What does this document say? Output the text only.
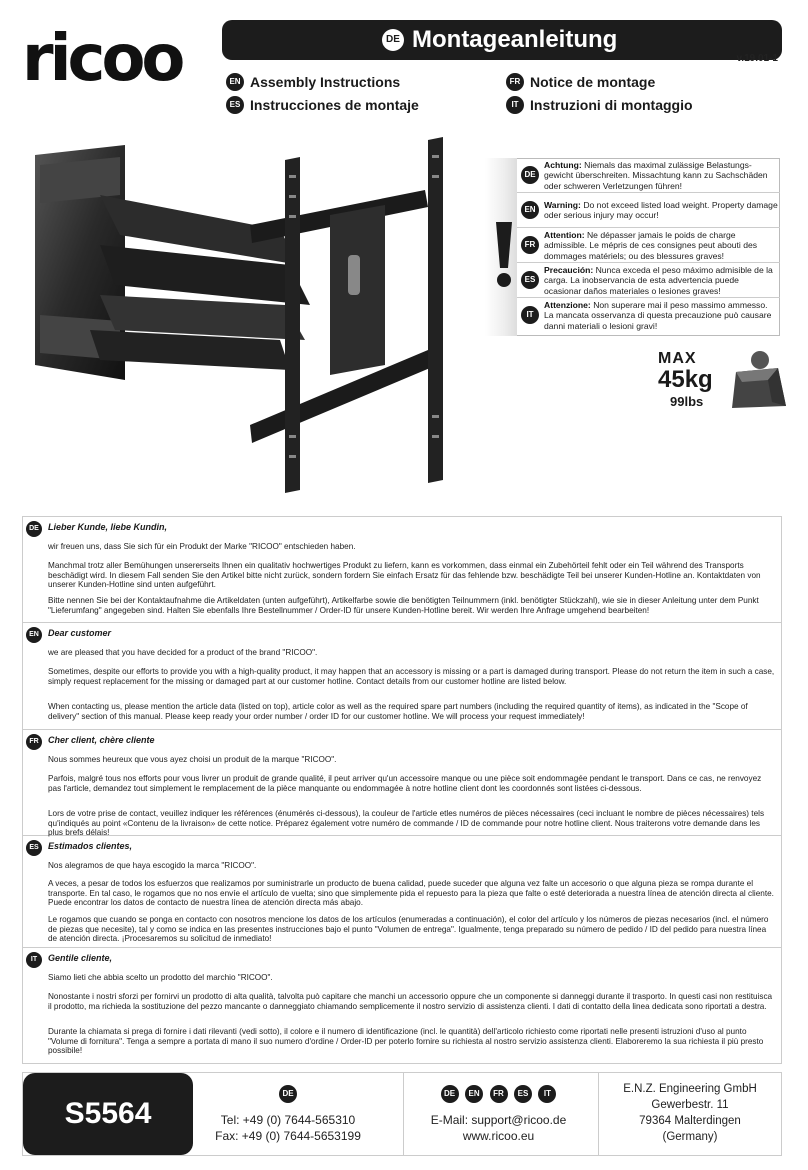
ricoo	DE Montageanleitung
v.19.01-1
EN Assembly Instructions	FR Notice de montage
ES Instrucciones de montaje	IT Instruzioni di montaggio
DE
Achtung: Niemals das maximal zulässige Belastungs-gewicht überschreiten. Missachtung kann zu Sachschäden oder schweren Verletzungen führen!
EN Warning: Do not exceed listed load weight. Property damage oder serious injury may occur!
FR
Attention: Ne dépasser jamais le poids de charge admissible. Le mépris de ces consignes peut abouti des dommages matériels; ou des blessures graves!
ES
Precaución: Nunca exceda el peso máximo admisible de la carga. La inobservancia de esta advertencia puede ocasionar daños materiales o lesiones graves!
IT
Attenzione: Non superare mai il peso massimo ammesso. La mancata osservanza di questa precauzione può causare danni materiali o lesioni gravi!
MAX
45kg
99lbs
DE	Lieber Kunde, liebe Kundin,
wir freuen uns, dass Sie sich für ein Produkt der Marke "RICOO" entschieden haben.
Manchmal trotz aller Bemühungen unsererseits Ihnen ein qualitativ hochwertiges Produkt zu liefern, kann es vorkommen, dass einmal ein Zubehörteil fehlt oder ein Teil während des Transports beschädigt wird. In diesem Fall senden Sie den Artikel bitte nicht zurück, sondern fordern Sie einfach Ersatz für das fehlende bzw. beschädigte Teil bei unserer Kunden-Hotline an. Kontaktdaten von unserer Kunden-Hotline sind unten aufgeführt.
Bitte nennen Sie bei der Kontaktaufnahme die Artikeldaten (unten aufgeführt), Artikelfarbe sowie die benötigten Teilnummern (inkl. benötigter Stückzahl), wie sie in dieser Anleitung unter dem Punkt "Lieferumfang" angegeben sind. Halten Sie ebenfalls Ihre Bestellnummer / Order-ID für unsere Kunden-Hotline bereit. Wir werden Ihre Anfrage umgehend bearbeiten!
EN	Dear customer
we are pleased that you have decided for a product of the brand "RICOO".
Sometimes, despite our efforts to provide you with a high-quality product, it may happen that an accessory is missing or a part is damaged during transport. Please do not return the item in such a case, simply request replacement for the missing or damaged part at our customer hotline. Contact details from our customer hotline are listed below.
When contacting us, please mention the article data (listed on top), article color as well as the required spare part numbers (including the required quantity of items), as indicated in the "Scope of delivery" section of this manual. Please keep ready your order number / order ID for our customer hotline. We will process your request immediately!
FR	Cher client, chère cliente
Nous sommes heureux que vous ayez choisi un produit de la marque "RICOO".
Parfois, malgré tous nos efforts pour vous livrer un produit de grande qualité, il peut arriver qu'un accessoire manque ou une pièce soit endommagée pendant le transport. Dans ce cas, ne renvoyez pas l'article, demandez tout simplement le remplacement de la pièce manquante ou endommagée à notre hotline client dont les coordonnés sont listées ci-dessous.
Lors de votre prise de contact, veuillez indiquer les références (énumérés ci-dessous), la couleur de l'article etles numéros de pièces nécessaires (ceci incluant le nombre de pièces nécessaires) tels qu'indiqués au point «Contenu de la livraison» de cette notice. Préparez également votre numéro de commande / ID de commande pour notre hotline client. Nous traiterons votre demande dans les plus brefs délais!
ES	Estimados clientes,
Nos alegramos de que haya escogido la marca "RICOO".
A veces, a pesar de todos los esfuerzos que realizamos por suministrarle un producto de buena calidad, puede suceder que alguna vez falte un accesorio o que alguna pieza se rompa durante el transporte. En tal caso, le rogamos que no nos envíe el artículo de vuelta; sino que simplemente pida el repuesto para la pieza que falte o esté deteriorada a nuestra línea de atención directa al cliente. Puede encontrar los datos de contacto de nuestra línea de atención directa más abajo.
Le rogamos que cuando se ponga en contacto con nosotros mencione los datos de los artículos (enumeradas a continuación), el color del artículo y los números de piezas necesarios (incl. el número de piezas que necesite), tal y como se indica en las presentes instrucciones bajo el punto "Volumen de entrega". Igualmente, tenga preparado su número de pedido / ID del pedido para nuestra línea de atención directa. ¡Procesaremos su solicitud de inmediato!
IT	Gentile cliente,
Siamo lieti che abbia scelto un prodotto del marchio "RICOO".
Nonostante i nostri sforzi per fornirvi un prodotto di alta qualità, talvolta può capitare che manchi un accessorio oppure che un componente si danneggi durante il trasporto. In questi casi non restituisca il prodotto, ma richieda la sostituzione del pezzo mancante o danneggiato chiamando semplicemente il nostro servizio di assistenza clienti. I dati di contatto della linea dedicata sono riportati a destra.
Durante la chiamata si prega di fornire i dati rilevanti (vedi sotto), il colore e il numero di identificazione (incl. le quantità) dell'articolo richiesto come riportati nelle presenti istruzioni d'uso al punto "Volume di fornitura". Tenga a sempre a portata di mano il suo numero d'ordine / Order-ID per poterlo fornire su richiesta al nostro servizio assistenza clienti. Elaboreremo la sua richiesta il più presto possibile!
S5564
DE
Tel: +49 (0) 7644-565310
Fax: +49 (0) 7644-5653199
DE EN FR ES IT
E-Mail: support@ricoo.de
www.ricoo.eu
E.N.Z. Engineering GmbH
Gewerbestr. 11
79364 Malterdingen
(Germany)
